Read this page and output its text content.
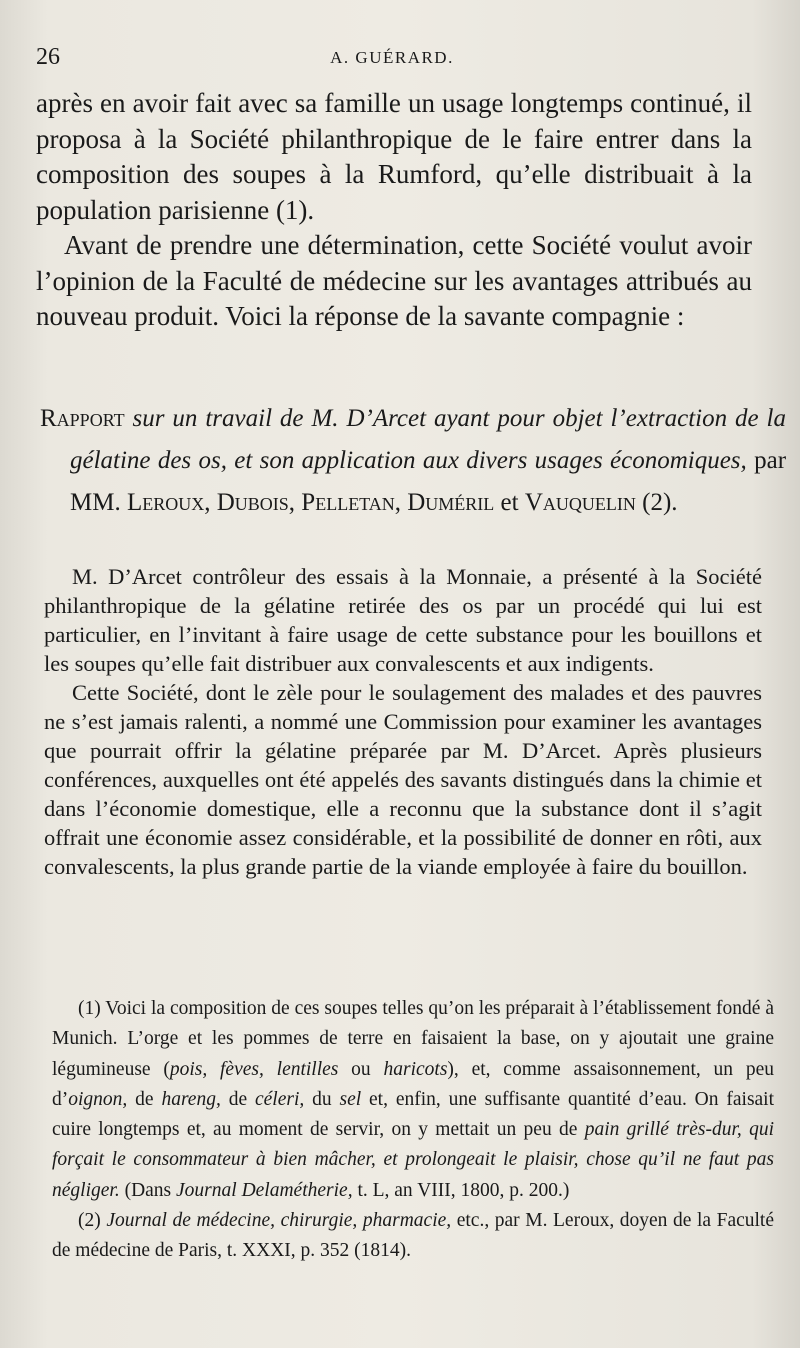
26	A. GUÉRARD.

après en avoir fait avec sa famille un usage longtemps continué, il proposa à la Société philanthropique de le faire entrer dans la composition des soupes à la Rumford, qu’elle distribuait à la population parisienne (1).

Avant de prendre une détermination, cette Société voulut avoir l’opinion de la Faculté de médecine sur les avantages attribués au nouveau produit. Voici la réponse de la savante compagnie :

Rapport sur un travail de M. D’Arcet ayant pour objet l’extraction de la gélatine des os, et son application aux divers usages économiques, par MM. Leroux, Dubois, Pelletan, Duméril et Vauquelin (2).

M. D’Arcet contrôleur des essais à la Monnaie, a présenté à la Société philanthropique de la gélatine retirée des os par un procédé qui lui est particulier, en l’invitant à faire usage de cette substance pour les bouillons et les soupes qu’elle fait distribuer aux convalescents et aux indigents.

Cette Société, dont le zèle pour le soulagement des malades et des pauvres ne s’est jamais ralenti, a nommé une Commission pour examiner les avantages que pourrait offrir la gélatine préparée par M. D’Arcet. Après plusieurs conférences, auxquelles ont été appelés des savants distingués dans la chimie et dans l’économie domestique, elle a reconnu que la substance dont il s’agit offrait une économie assez considérable, et la possibilité de donner en rôti, aux convalescents, la plus grande partie de la viande employée à faire du bouillon.

(1) Voici la composition de ces soupes telles qu’on les préparait à l’établissement fondé à Munich. L’orge et les pommes de terre en faisaient la base, on y ajoutait une graine légumineuse (pois, fèves, lentilles ou haricots), et, comme assaisonnement, un peu d’oignon, de hareng, de céleri, du sel et, enfin, une suffisante quantité d’eau. On faisait cuire longtemps et, au moment de servir, on y mettait un peu de pain grillé très-dur, qui forçait le consommateur à bien mâcher, et prolongeait le plaisir, chose qu’il ne faut pas négliger. (Dans Journal Delamétherie, t. L, an VIII, 1800, p. 200.)

(2) Journal de médecine, chirurgie, pharmacie, etc., par M. Leroux, doyen de la Faculté de médecine de Paris, t. XXXI, p. 352 (1814).
